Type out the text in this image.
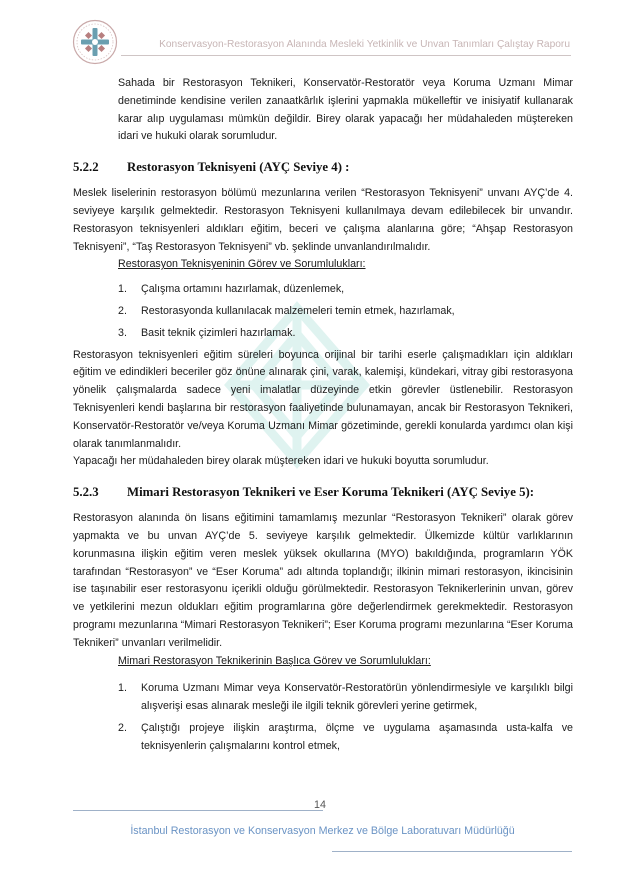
Konservasyon-Restorasyon Alanında Mesleki Yetkinlik ve Unvan Tanımları Çalıştay Raporu

Sahada bir Restorasyon Teknikeri, Konservatör-Restoratör veya Koruma Uzmanı Mimar denetiminde kendisine verilen zanaatkârlık işlerini yapmakla mükelleftir ve inisiyatif kullanarak karar alıp uygulaması mümkün değildir. Birey olarak yapacağı her müdahaleden müştereken idari ve hukuki olarak sorumludur.

5.2.2	Restorasyon Teknisyeni (AYÇ Seviye 4) :

Meslek liselerinin restorasyon bölümü mezunlarına verilen “Restorasyon Teknisyeni” unvanı AYÇ’de 4. seviyeye karşılık gelmektedir. Restorasyon Teknisyeni kullanılmaya devam edilebilecek bir unvandır. Restorasyon teknisyenleri aldıkları eğitim, beceri ve çalışma alanlarına göre; “Ahşap Restorasyon Teknisyeni”, “Taş Restorasyon Teknisyeni” vb. şeklinde unvanlandırılmalıdır.

Restorasyon Teknisyeninin Görev ve Sorumlulukları:

1.	Çalışma ortamını hazırlamak, düzenlemek,
2.	Restorasyonda kullanılacak malzemeleri temin etmek, hazırlamak,
3.	Basit teknik çizimleri hazırlamak.

Restorasyon teknisyenleri eğitim süreleri boyunca orijinal bir tarihi eserle çalışmadıkları için aldıkları eğitim ve edindikleri beceriler göz önüne alınarak çini, varak, kalemişi, kündekari, vitray gibi restorasyona yönelik çalışmalarda sadece yeni imalatlar düzeyinde etkin görevler üstlenebilir. Restorasyon Teknisyenleri kendi başlarına bir restorasyon faaliyetinde bulunamayan, ancak bir Restorasyon Teknikeri, Konservatör-Restoratör ve/veya Koruma Uzmanı Mimar gözetiminde, gerekli konularda yardımcı olan kişi olarak tanımlanmalıdır.

Yapacağı her müdahaleden birey olarak müştereken idari ve hukuki boyutta sorumludur.

5.2.3	Mimari Restorasyon Teknikeri ve Eser Koruma Teknikeri (AYÇ Seviye 5):

Restorasyon alanında ön lisans eğitimini tamamlamış mezunlar “Restorasyon Teknikeri” olarak görev yapmakta ve bu unvan AYÇ’de 5. seviyeye karşılık gelmektedir. Ülkemizde kültür varlıklarının korunmasına ilişkin eğitim veren meslek yüksek okullarına (MYO) bakıldığında, programların YÖK tarafından “Restorasyon” ve “Eser Koruma” adı altında toplandığı; ilkinin mimari restorasyon, ikincisinin ise taşınabilir eser restorasyonu içerikli olduğu görülmektedir. Restorasyon Teknikerlerinin unvan, görev ve yetkilerini mezun oldukları eğitim programlarına göre değerlendirmek gerekmektedir. Restorasyon programı mezunlarına “Mimari Restorasyon Teknikeri”; Eser Koruma programı mezunlarına “Eser Koruma Teknikeri” unvanları verilmelidir.

Mimari Restorasyon Teknikerinin Başlıca Görev ve Sorumlulukları:

1.	Koruma Uzmanı Mimar veya Konservatör-Restoratörün yönlendirmesiyle ve karşılıklı bilgi alışverişi esas alınarak mesleği ile ilgili teknik görevleri yerine getirmek,
2.	Çalıştığı projeye ilişkin araştırma, ölçme ve uygulama aşamasında usta-kalfa ve teknisyenlerin çalışmalarını kontrol etmek,
14
İstanbul Restorasyon ve Konservasyon Merkez ve Bölge Laboratuvarı Müdürlüğü
